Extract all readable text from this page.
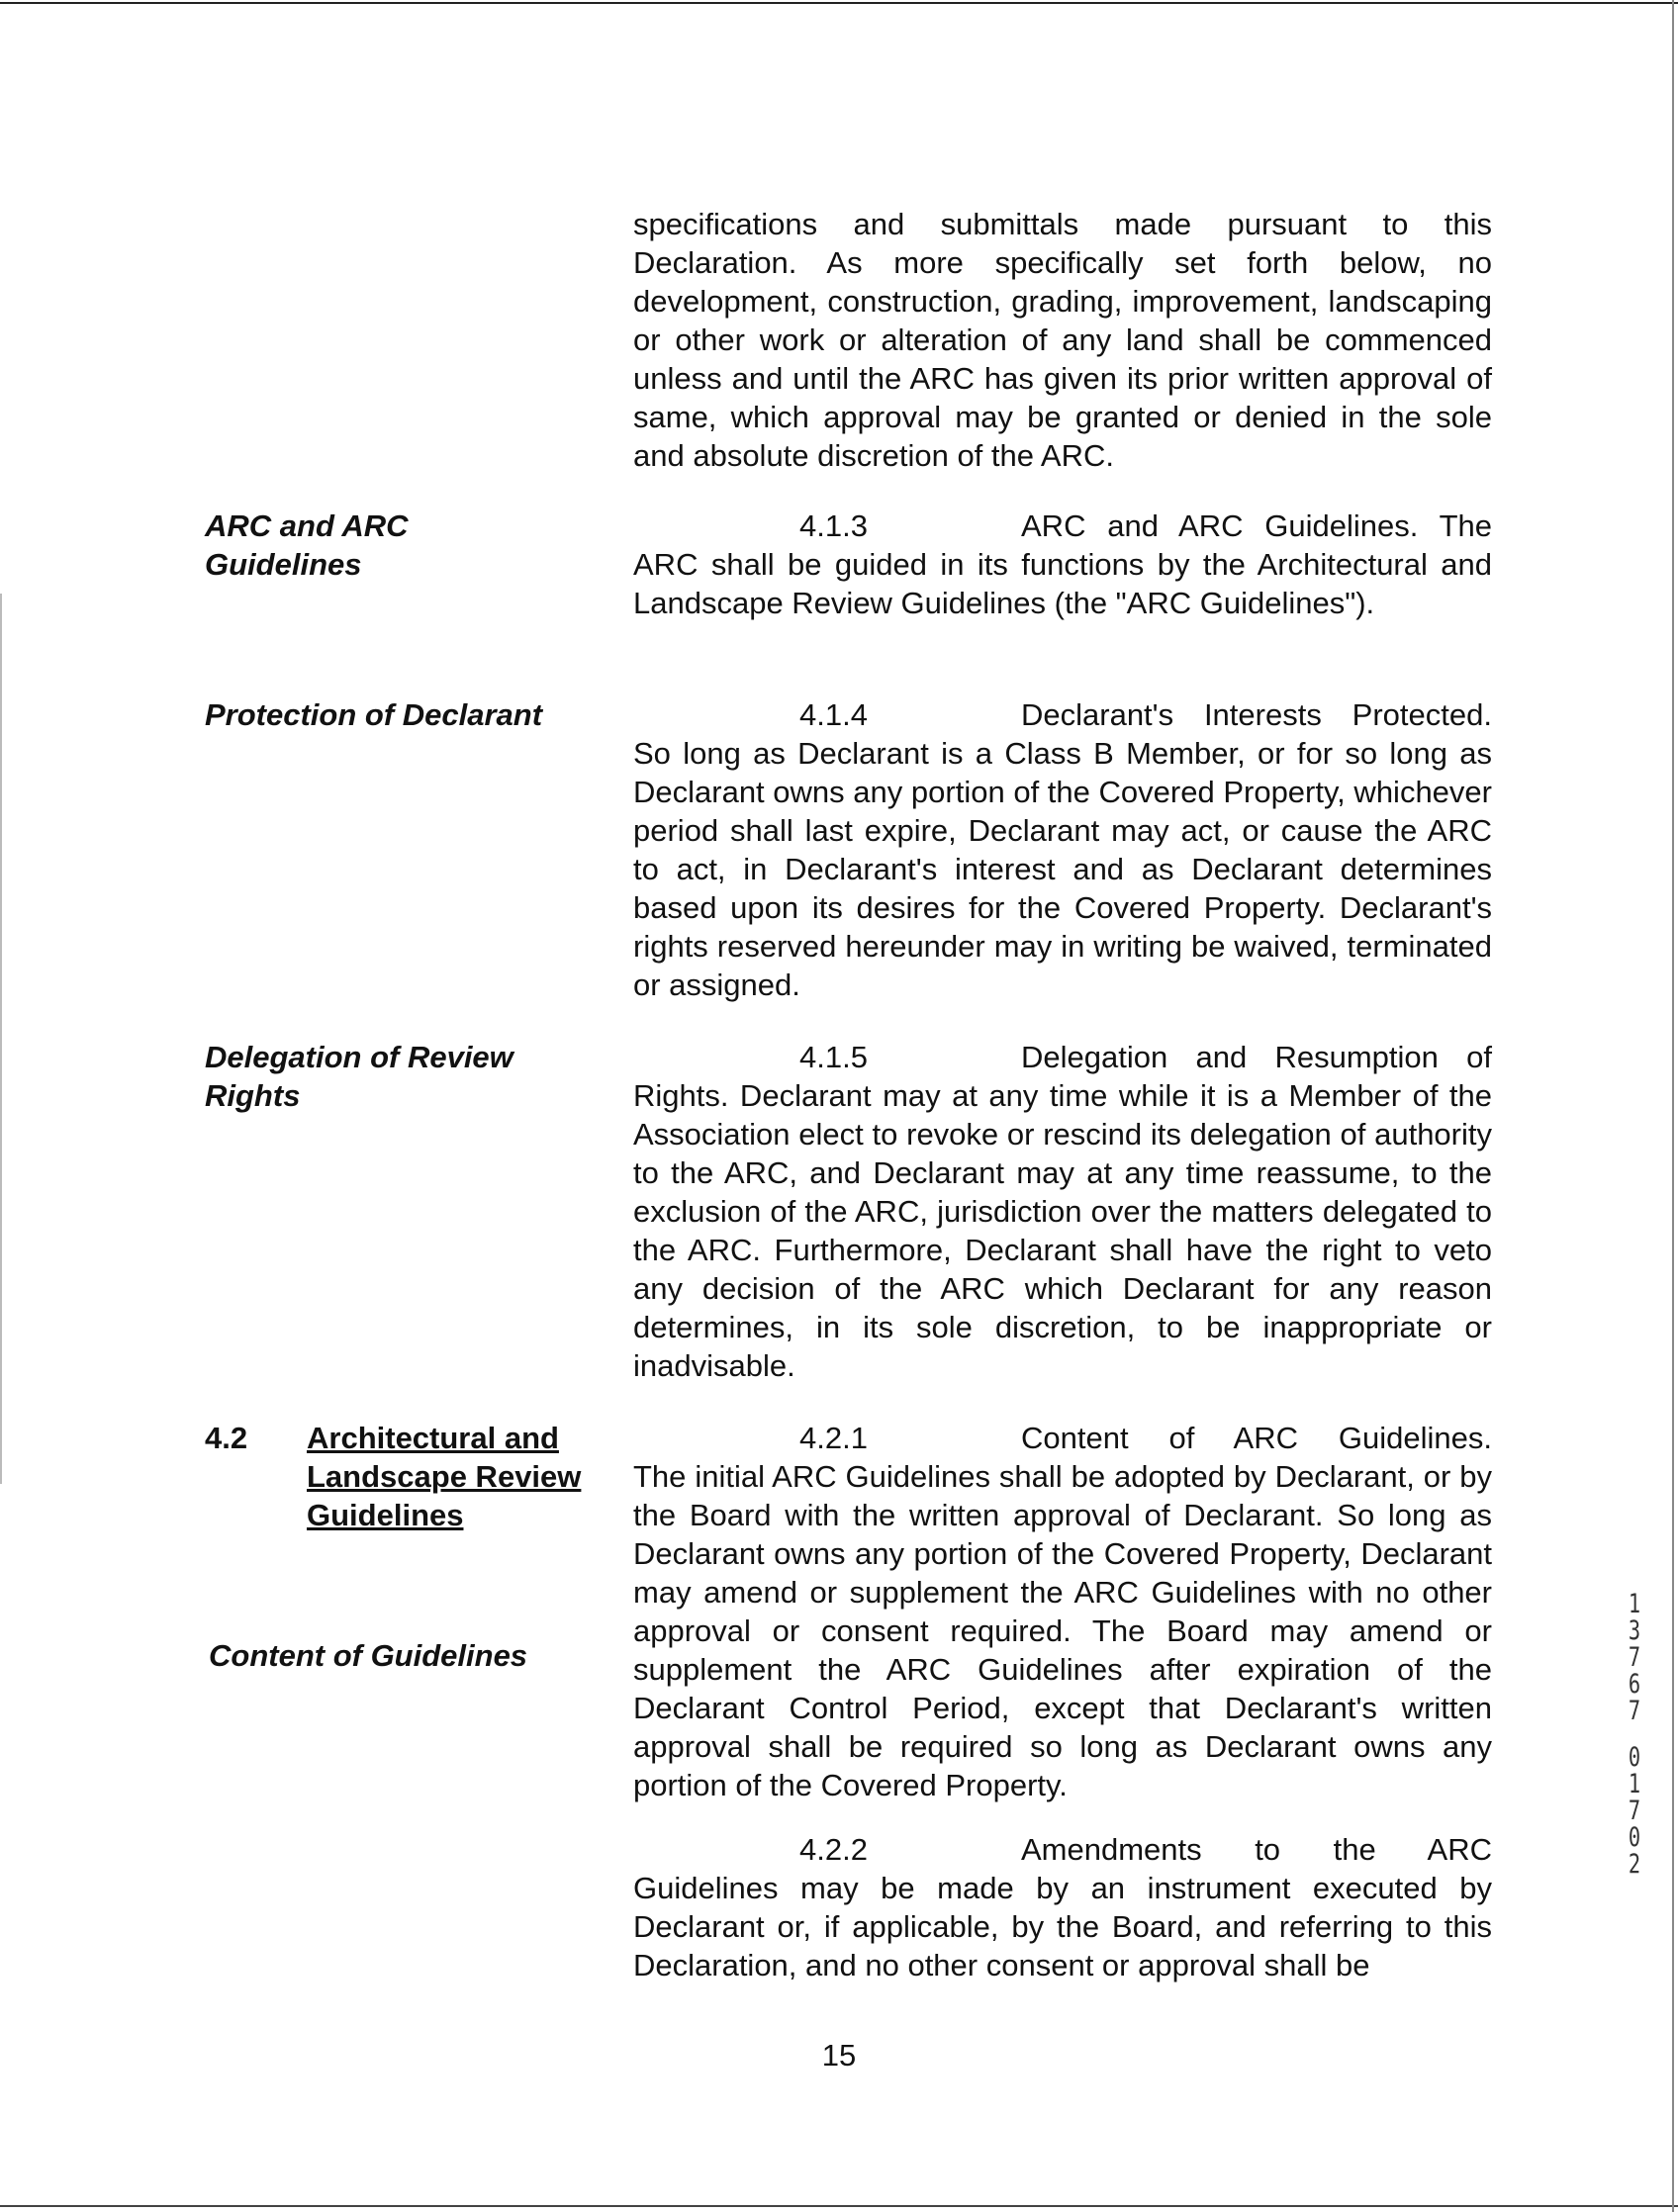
specifications and submittals made pursuant to this Declaration. As more specifically set forth below, no development, construction, grading, improvement, landscaping or other work or alteration of any land shall be commenced unless and until the ARC has given its prior written approval of same, which approval may be granted or denied in the sole and absolute discretion of the ARC.

ARC and ARC
Guidelines
4.1.3	ARC and ARC Guidelines. The

ARC shall be guided in its functions by the Architectural and Landscape Review Guidelines (the "ARC Guidelines").

Protection of Declarant	4.1.4	Declarant's Interests Protected.

So long as Declarant is a Class B Member, or for so long as Declarant owns any portion of the Covered Property, whichever period shall last expire, Declarant may act, or cause the ARC to act, in Declarant's interest and as Declarant determines based upon its desires for the Covered Property. Declarant's rights reserved hereunder may in writing be waived, terminated or assigned.

Delegation of Review
Rights
4.1.5	Delegation and Resumption of

Rights. Declarant may at any time while it is a Member of the Association elect to revoke or rescind its delegation of authority to the ARC, and Declarant may at any time reassume, to the exclusion of the ARC, jurisdiction over the matters delegated to the ARC. Furthermore, Declarant shall have the right to veto any decision of the ARC which Declarant for any reason determines, in its sole discretion, to be inappropriate or inadvisable.

4.2 Architectural and
Landscape Review
Guidelines
Content of Guidelines
4.2.1	Content of ARC Guidelines.

The initial ARC Guidelines shall be adopted by Declarant, or by the Board with the written approval of Declarant. So long as Declarant owns any portion of the Covered Property, Declarant may amend or supplement the ARC Guidelines with no other approval or consent required. The Board may amend or supplement the ARC Guidelines after expiration of the Declarant Control Period, except that Declarant's written approval shall be required so long as Declarant owns any portion of the Covered Property.

4.2.2	Amendments to the ARC

Guidelines may be made by an instrument executed by Declarant or, if applicable, by the Board, and referring to this Declaration, and no other consent or approval shall be

15
1
3
7
6
7
0
1
7
0
2
